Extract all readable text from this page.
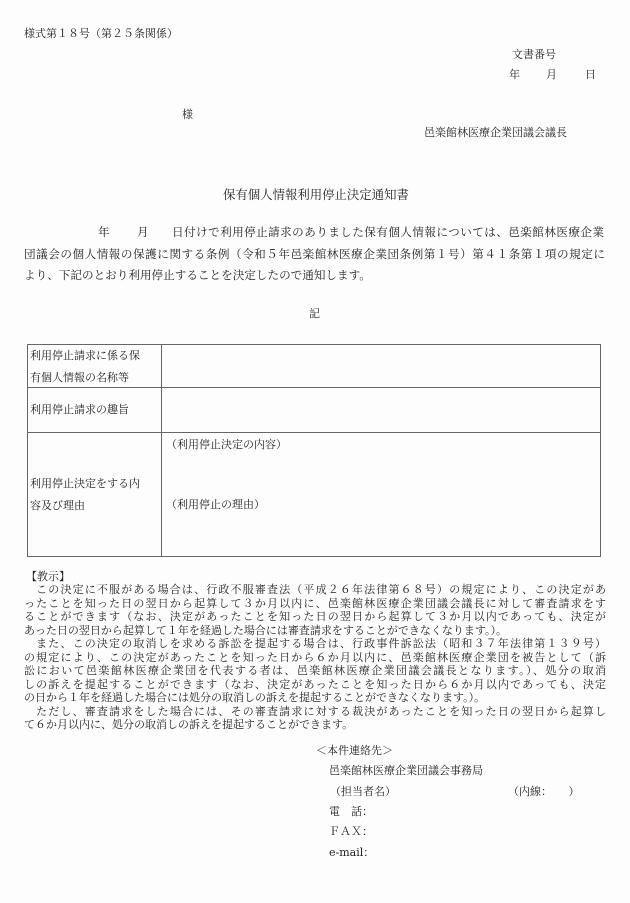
様式第１８号（第２５条関係）
文書番号
年 月	日
様
邑楽館林医療企業団議会議長
保有個人情報利用停止決定通知書
年 月 日付けで利用停止請求のありました保有個人情報については、邑楽館林医療企業
団議会の個人情報の保護に関する条例（令和５年邑楽館林医療企業団条例第１号）第４１条第１項の規定に
より、下記のとおり利用停止することを決定したので通知します。
記
利用停止請求に係る保
有個人情報の名称等
利用停止請求の趣旨
利用停止決定をする内
容及び理由
（利用停止決定の内容）
（利用停止の理由）
【教示】
　この決定に不服がある場合は、行政不服審査法（平成２６年法律第６８号）の規定により、この決定があ
ったことを知った日の翌日から起算して３か月以内に、邑楽館林医療企業団議会議長に対して審査請求をす
ることができます（なお、決定があったことを知った日の翌日から起算して３か月以内であっても、決定が
あった日の翌日から起算して１年を経過した場合には審査請求をすることができなくなります。）。
　また、この決定の取消しを求める訴訟を提起する場合は、行政事件訴訟法（昭和３７年法律第１３９号）
の規定により、この決定があったことを知った日から６か月以内に、邑楽館林医療企業団を被告として（訴
訟において邑楽館林医療企業団を代表する者は、邑楽館林医療企業団議会議長となります。）、処分の取消
しの訴えを提起することができます（なお、決定があったことを知った日から６か月以内であっても、決定
の日から１年を経過した場合には処分の取消しの訴えを提起することができなくなります。）。
　ただし、審査請求をした場合には、その審査請求に対する裁決があったことを知った日の翌日から起算し
て６か月以内に、処分の取消しの訴えを提起することができます。
＜本件連絡先＞
邑楽館林医療企業団議会事務局
（担当者名）	（内線：　　）
電　話：
ＦＡＸ：
e-mail：
